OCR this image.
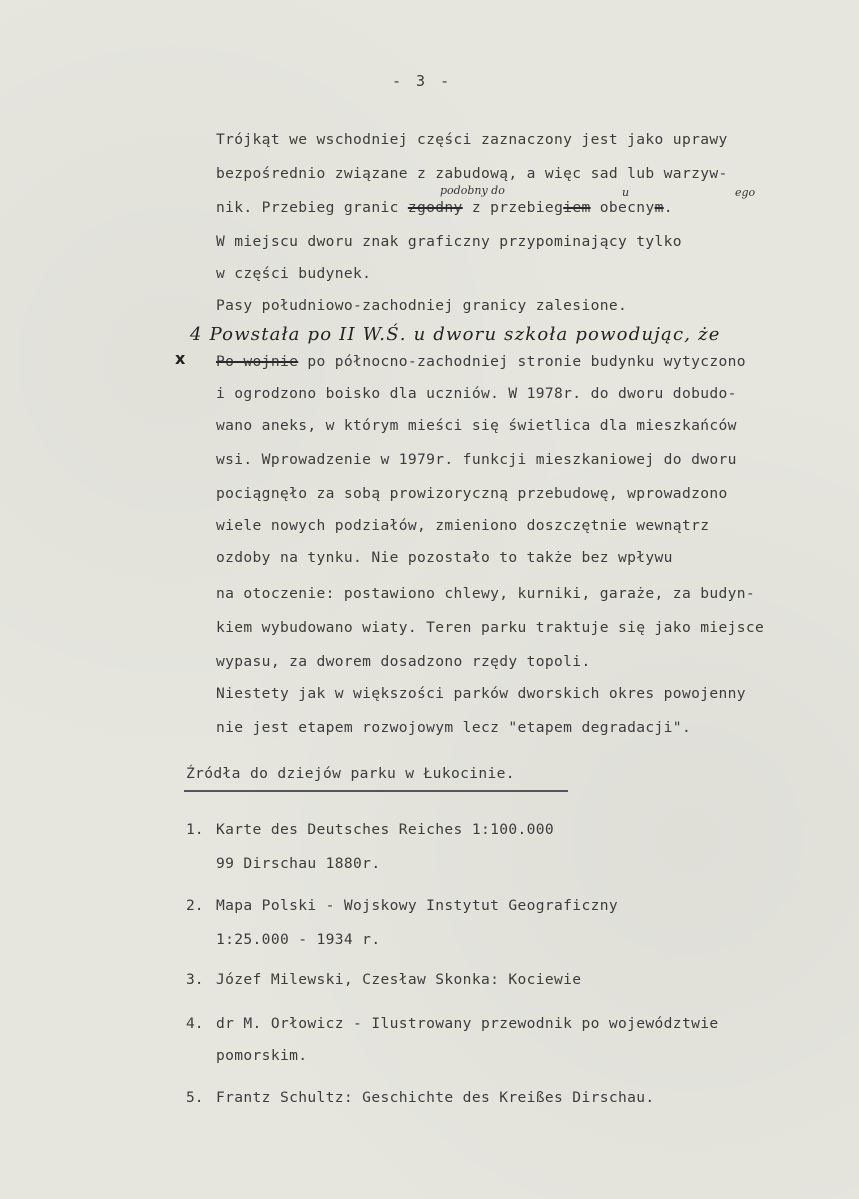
- 3 -
Trójkąt we wschodniej części zaznaczony jest jako uprawy
bezpośrednio związane z zabudową, a więc sad lub warzyw-
nik. Przebieg granic zgodny z przebiegiem obecnym.
W miejscu dworu znak graficzny przypominający tylko
w części budynek.
podobny do	u	ego
Pasy południowo-zachodniej granicy zalesione.
4 Powstała po II W.Ś. u dworu szkoła powodując, że
x Po wojnie po północno-zachodniej stronie budynku wytyczono
i ogrodzono boisko dla uczniów. W 1978r. do dworu dobudo-
wano aneks, w którym mieści się świetlica dla mieszkańców
wsi. Wprowadzenie w 1979r. funkcji mieszkaniowej do dworu
pociągnęło za sobą prowizoryczną przebudowę, wprowadzono
wiele nowych podziałów, zmieniono doszczętnie wewnątrz
ozdoby na tynku. Nie pozostało to także bez wpływu
na otoczenie: postawiono chlewy, kurniki, garaże, za budyn-
kiem wybudowano wiaty. Teren parku traktuje się jako miejsce
wypasu, za dworem dosadzono rzędy topoli.
Niestety jak w większości parków dworskich okres powojenny
nie jest etapem rozwojowym lecz "etapem degradacji".
Źródła do dziejów parku w Łukocinie.
1. Karte des Deutsches Reiches 1:100.000
99 Dirschau 1880r.
2. Mapa Polski - Wojskowy Instytut Geograficzny
1:25.000 - 1934 r.
3. Józef Milewski, Czesław Skonka: Kociewie
4. dr M. Orłowicz - Ilustrowany przewodnik po województwie
pomorskim.
5. Frantz Schultz: Geschichte des Kreißes Dirschau.
